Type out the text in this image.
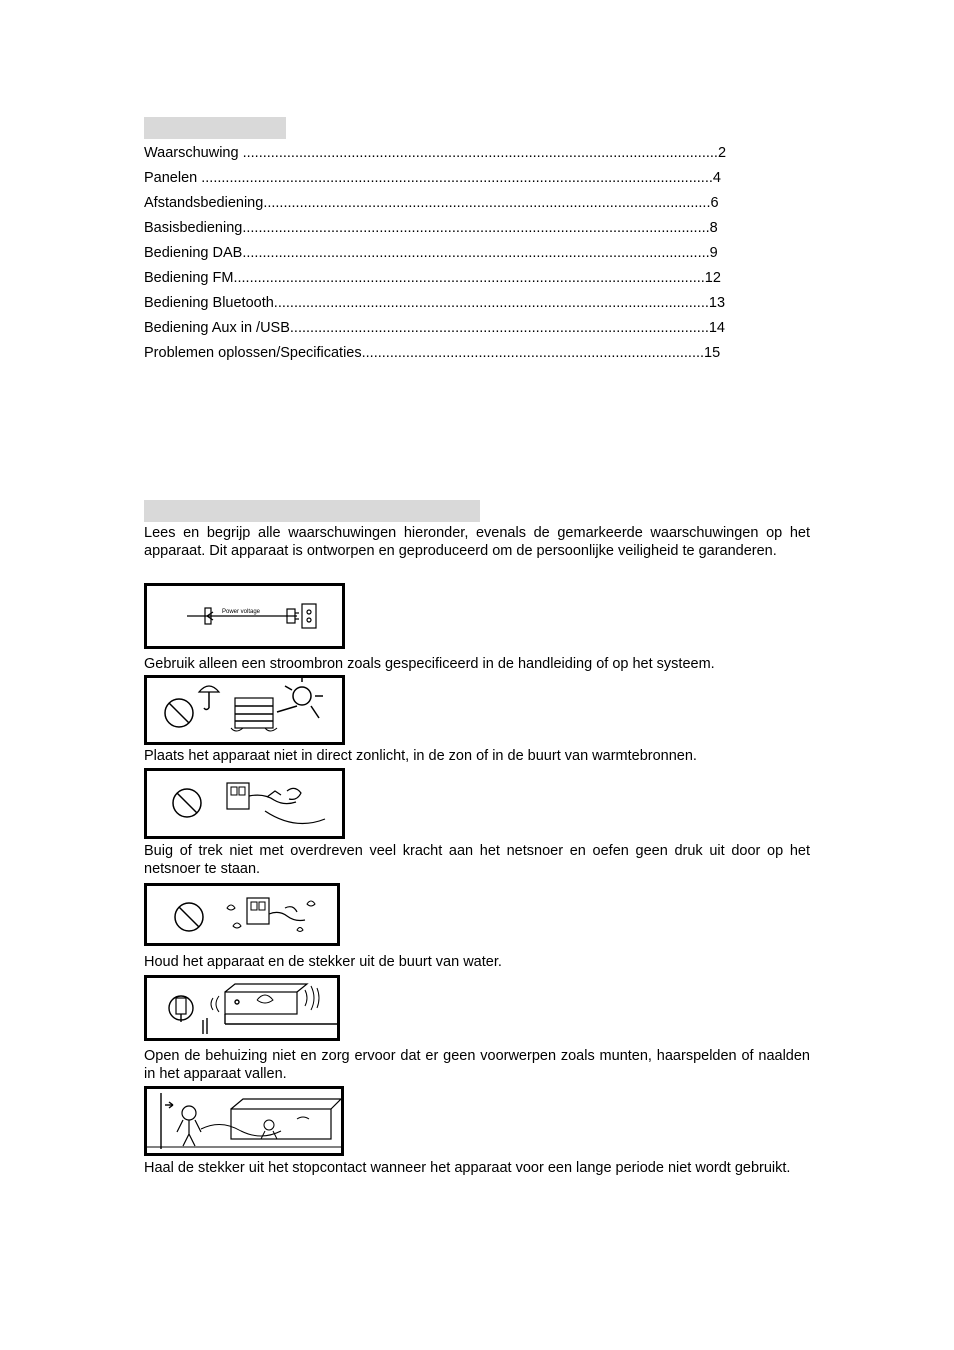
Waarschuwing ......................................................................................................................2
Panelen ...............................................................................................................................4
Afstandsbediening...............................................................................................................6
Basisbediening....................................................................................................................8
Bediening DAB....................................................................................................................9
Bediening FM.....................................................................................................................12
Bediening Bluetooth............................................................................................................13
Bediening Aux in /USB........................................................................................................14
Problemen oplossen/Specificaties.....................................................................................15
Lees en begrijp alle waarschuwingen hieronder, evenals de gemarkeerde waarschuwingen op het apparaat. Dit apparaat is ontworpen en geproduceerd om de persoonlijke veiligheid te garanderen.
Power voltage
Gebruik alleen een stroombron zoals gespecificeerd in de handleiding of op het systeem.
Plaats het apparaat niet in direct zonlicht, in de zon of in de buurt van warmtebronnen.
Buig of trek niet met overdreven veel kracht aan het netsnoer en oefen geen druk uit door op het netsnoer te staan.
Houd het apparaat en de stekker uit de buurt van water.
Open de behuizing niet en zorg ervoor dat er geen voorwerpen zoals munten, haarspelden of naalden in het apparaat vallen.
Haal de stekker uit het stopcontact wanneer het apparaat voor een lange periode niet wordt gebruikt.
